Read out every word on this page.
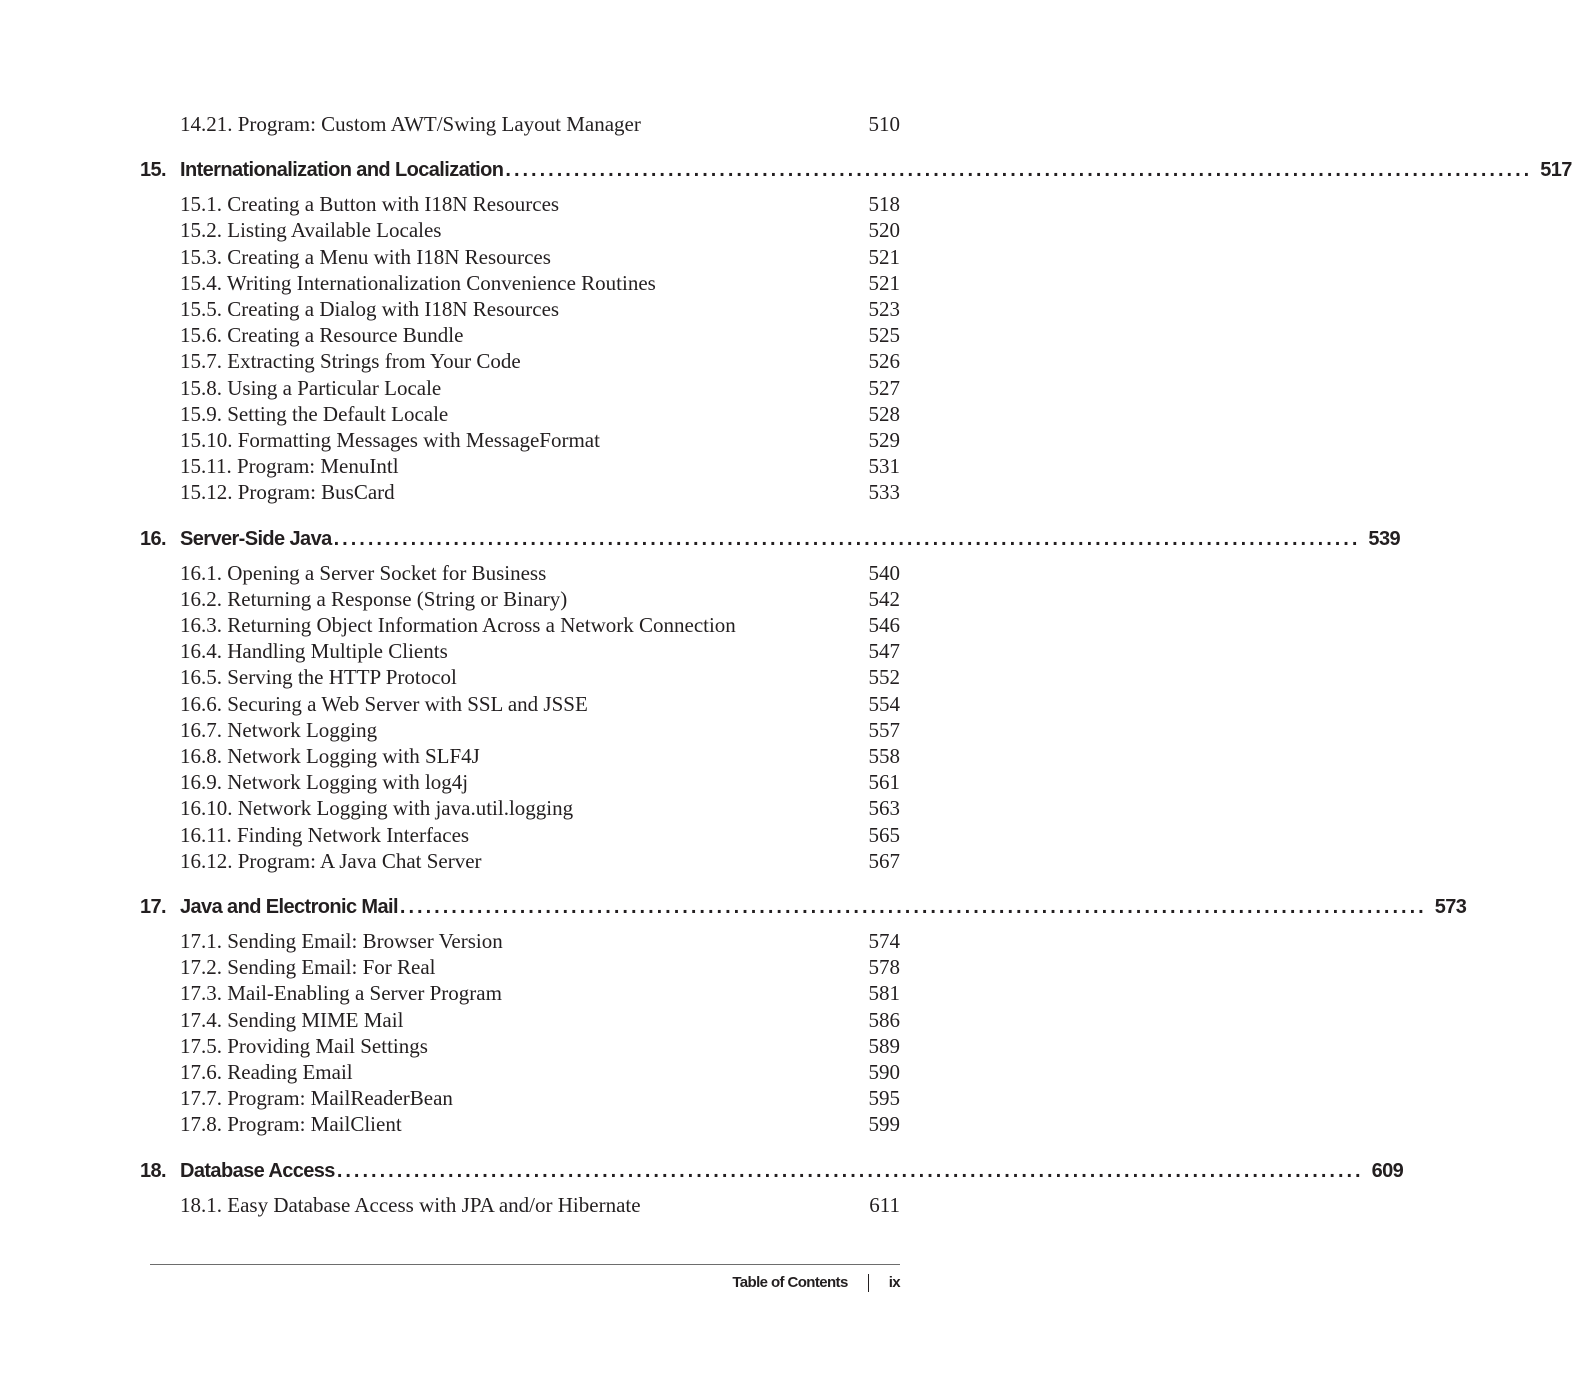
14.21. Program: Custom AWT/Swing Layout Manager	510
15. Internationalization and Localization ........................................................................................................................ 517
15.1. Creating a Button with I18N Resources	518
15.2. Listing Available Locales	520
15.3. Creating a Menu with I18N Resources	521
15.4. Writing Internationalization Convenience Routines	521
15.5. Creating a Dialog with I18N Resources	523
15.6. Creating a Resource Bundle	525
15.7. Extracting Strings from Your Code	526
15.8. Using a Particular Locale	527
15.9. Setting the Default Locale	528
15.10. Formatting Messages with MessageFormat	529
15.11. Program: MenuIntl	531
15.12. Program: BusCard	533
16. Server-Side Java ........................................................................................................................ 539
16.1. Opening a Server Socket for Business	540
16.2. Returning a Response (String or Binary)	542
16.3. Returning Object Information Across a Network Connection	546
16.4. Handling Multiple Clients	547
16.5. Serving the HTTP Protocol	552
16.6. Securing a Web Server with SSL and JSSE	554
16.7. Network Logging	557
16.8. Network Logging with SLF4J	558
16.9. Network Logging with log4j	561
16.10. Network Logging with java.util.logging	563
16.11. Finding Network Interfaces	565
16.12. Program: A Java Chat Server	567
17. Java and Electronic Mail ........................................................................................................................ 573
17.1. Sending Email: Browser Version	574
17.2. Sending Email: For Real	578
17.3. Mail-Enabling a Server Program	581
17.4. Sending MIME Mail	586
17.5. Providing Mail Settings	589
17.6. Reading Email	590
17.7. Program: MailReaderBean	595
17.8. Program: MailClient	599
18. Database Access ........................................................................................................................ 609
18.1. Easy Database Access with JPA and/or Hibernate	611
Table of Contents	ix
